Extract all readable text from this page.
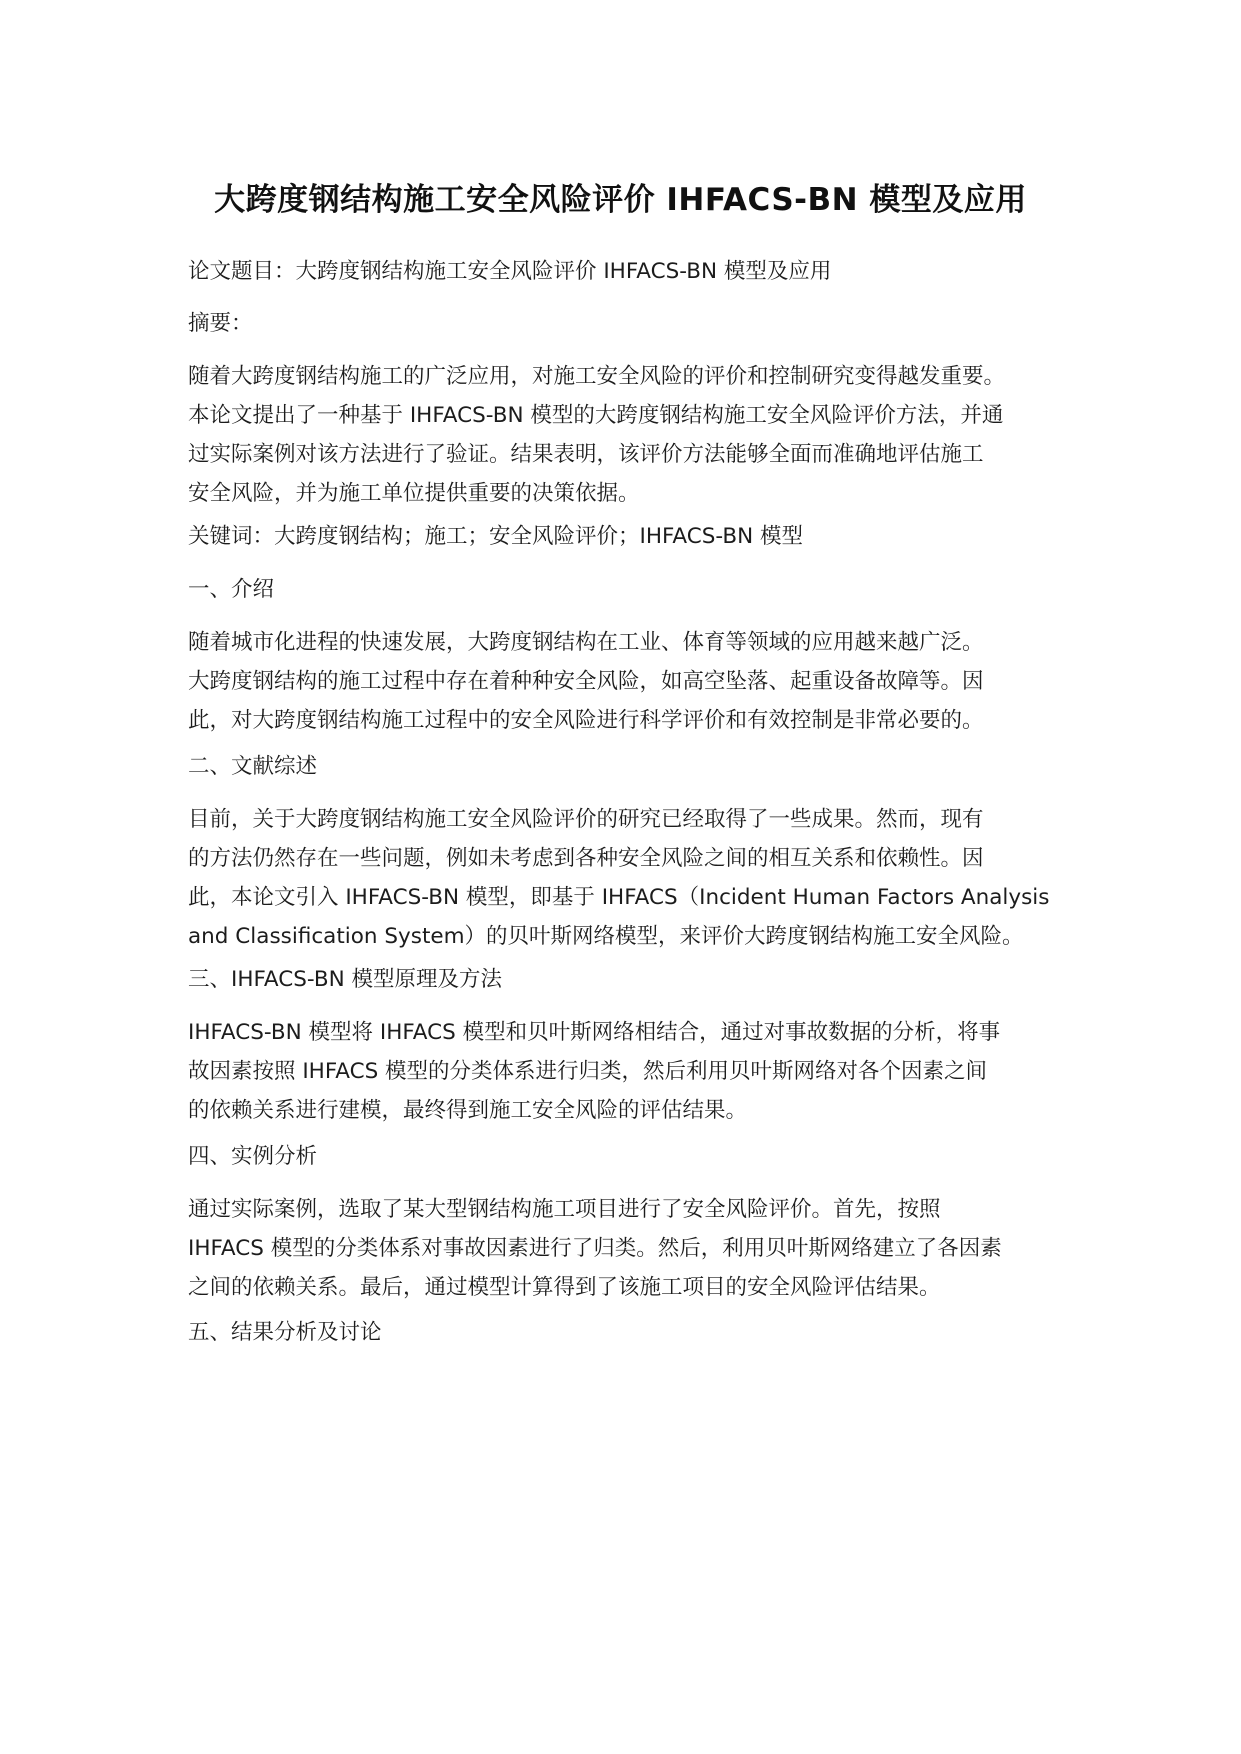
大跨度钢结构施工安全风险评价 IHFACS-BN 模型及应用
论文题目：大跨度钢结构施工安全风险评价 IHFACS-BN 模型及应用
摘要：
随着大跨度钢结构施工的广泛应用，对施工安全风险的评价和控制研究变得越发重要。
本论文提出了一种基于 IHFACS-BN 模型的大跨度钢结构施工安全风险评价方法，并通
过实际案例对该方法进行了验证。结果表明，该评价方法能够全面而准确地评估施工
安全风险，并为施工单位提供重要的决策依据。
关键词：大跨度钢结构；施工；安全风险评价；IHFACS-BN 模型
一、介绍
随着城市化进程的快速发展，大跨度钢结构在工业、体育等领域的应用越来越广泛。
大跨度钢结构的施工过程中存在着种种安全风险，如高空坠落、起重设备故障等。因
此，对大跨度钢结构施工过程中的安全风险进行科学评价和有效控制是非常必要的。
二、文献综述
目前，关于大跨度钢结构施工安全风险评价的研究已经取得了一些成果。然而，现有
的方法仍然存在一些问题，例如未考虑到各种安全风险之间的相互关系和依赖性。因
此，本论文引入 IHFACS-BN 模型，即基于 IHFACS（Incident Human Factors Analysis
and Classification System）的贝叶斯网络模型，来评价大跨度钢结构施工安全风险。
三、IHFACS-BN 模型原理及方法
IHFACS-BN 模型将 IHFACS 模型和贝叶斯网络相结合，通过对事故数据的分析，将事
故因素按照 IHFACS 模型的分类体系进行归类，然后利用贝叶斯网络对各个因素之间
的依赖关系进行建模，最终得到施工安全风险的评估结果。
四、实例分析
通过实际案例，选取了某大型钢结构施工项目进行了安全风险评价。首先，按照
IHFACS 模型的分类体系对事故因素进行了归类。然后，利用贝叶斯网络建立了各因素
之间的依赖关系。最后，通过模型计算得到了该施工项目的安全风险评估结果。
五、结果分析及讨论
